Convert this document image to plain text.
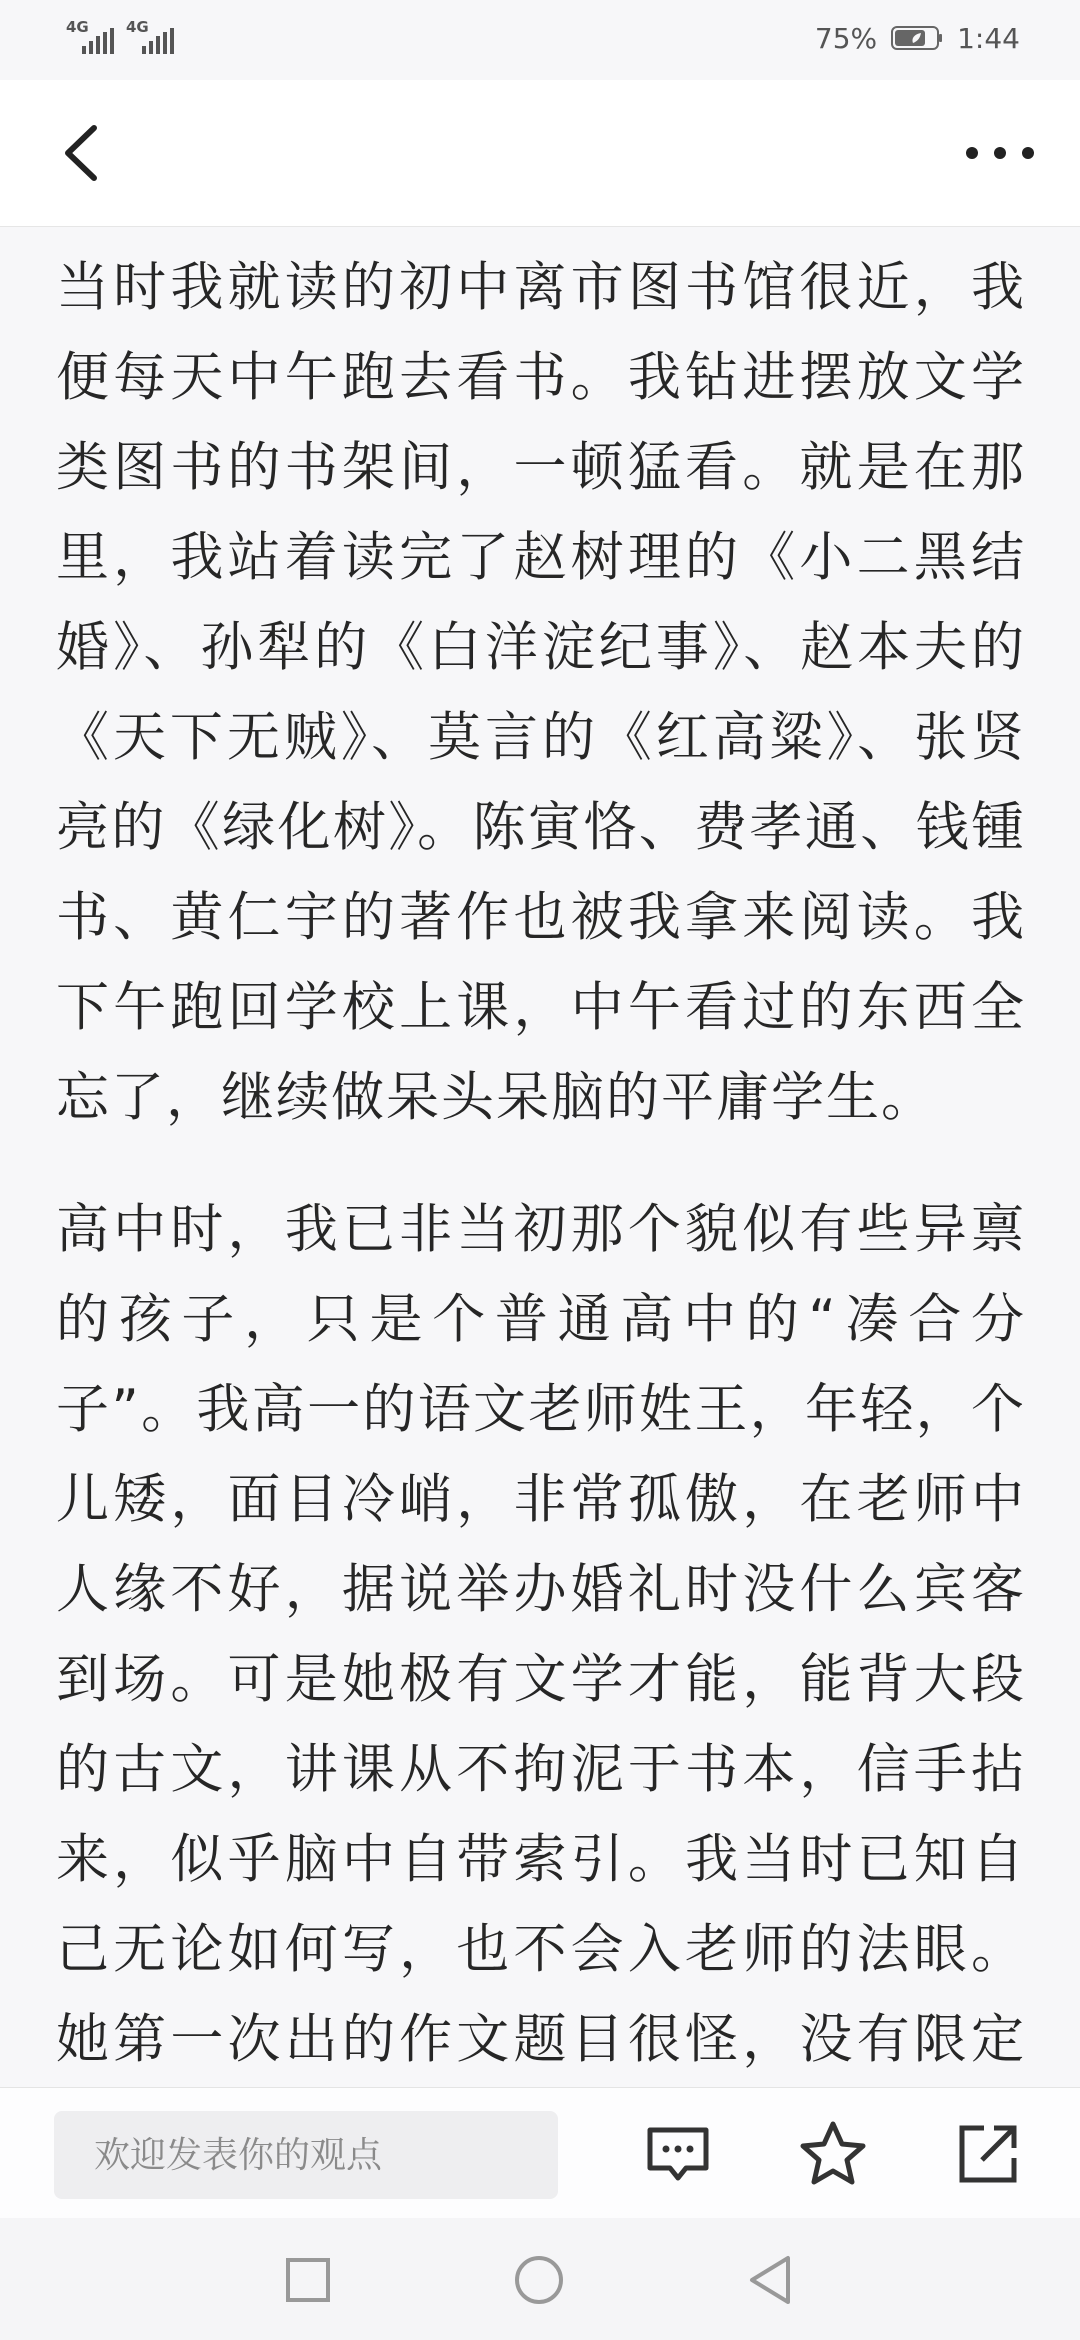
4G 4G	75%	1:44

当时我就读的初中离市图书馆很近，我便每天中午跑去看书。我钻进摆放文学类图书的书架间，一顿猛看。就是在那里，我站着读完了赵树理的《小二黑结婚》、孙犁的《白洋淀纪事》、赵本夫的《天下无贼》、莫言的《红高粱》、张贤亮的《绿化树》。陈寅恪、费孝通、钱锺书、黄仁宇的著作也被我拿来阅读。我下午跑回学校上课，中午看过的东西全忘了，继续做呆头呆脑的平庸学生。

高中时，我已非当初那个貌似有些异禀的孩子，只是个普通高中的“凑合分子”。我高一的语文老师姓王，年轻，个儿矮，面目冷峭，非常孤傲，在老师中人缘不好，据说举办婚礼时没什么宾客到场。可是她极有文学才能，能背大段的古文，讲课从不拘泥于书本，信手拈来，似乎脑中自带索引。我当时已知自己无论如何写，也不会入老师的法眼。她第一次出的作文题目很怪，没有限定

欢迎发表你的观点
